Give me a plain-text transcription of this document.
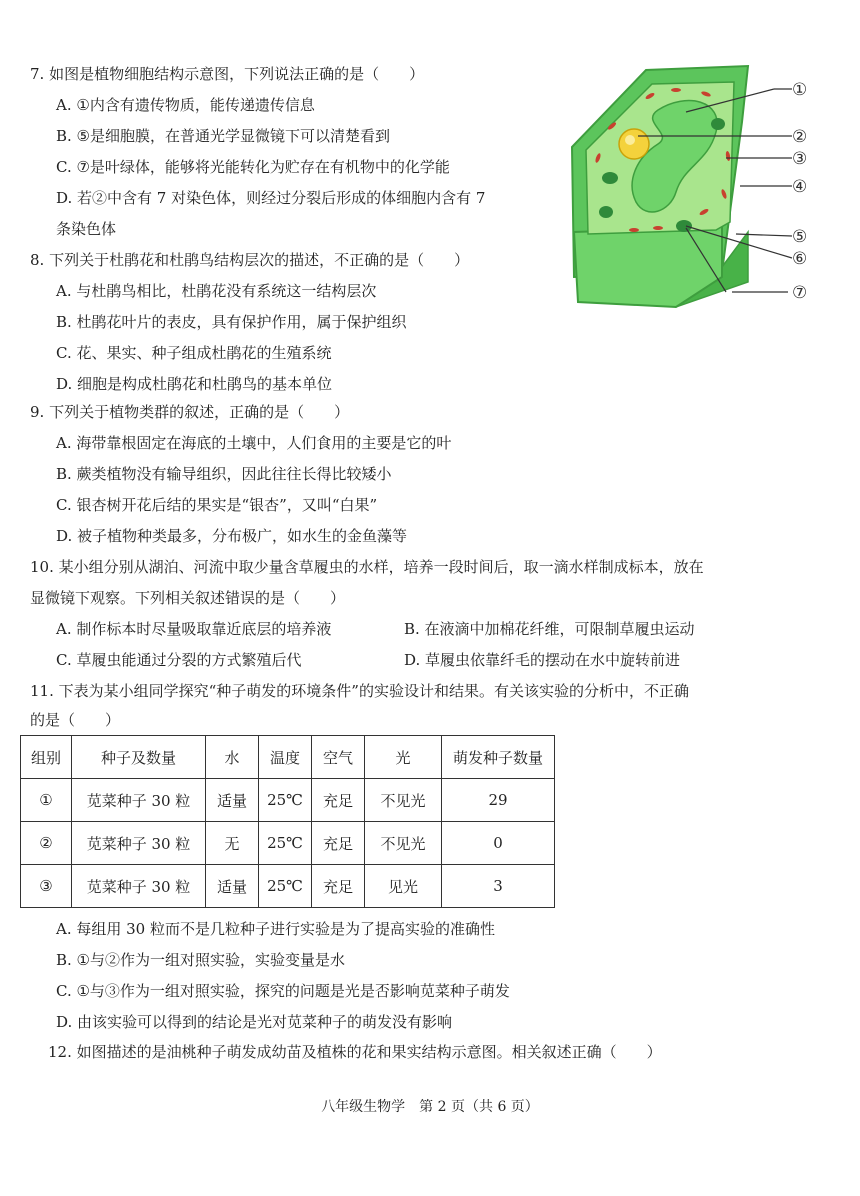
7. 如图是植物细胞结构示意图，下列说法正确的是（　　）
A. ①内含有遗传物质，能传递遗传信息
B. ⑤是细胞膜，在普通光学显微镜下可以清楚看到
C. ⑦是叶绿体，能够将光能转化为贮存在有机物中的化学能
D. 若②中含有 7 对染色体，则经过分裂后形成的体细胞内含有 7
条染色体
①
②
③
④
⑤
⑥
⑦
8. 下列关于杜鹃花和杜鹃鸟结构层次的描述，不正确的是（　　）
A. 与杜鹃鸟相比，杜鹃花没有系统这一结构层次
B. 杜鹃花叶片的表皮，具有保护作用，属于保护组织
C. 花、果实、种子组成杜鹃花的生殖系统
D. 细胞是构成杜鹃花和杜鹃鸟的基本单位
9. 下列关于植物类群的叙述，正确的是（　　）
A. 海带靠根固定在海底的土壤中，人们食用的主要是它的叶
B. 蕨类植物没有输导组织，因此往往长得比较矮小
C. 银杏树开花后结的果实是“银杏”，又叫“白果”
D. 被子植物种类最多，分布极广，如水生的金鱼藻等
10. 某小组分别从湖泊、河流中取少量含草履虫的水样，培养一段时间后，取一滴水样制成标本，放在
显微镜下观察。下列相关叙述错误的是（　　）
A. 制作标本时尽量吸取靠近底层的培养液	B. 在液滴中加棉花纤维，可限制草履虫运动
C. 草履虫能通过分裂的方式繁殖后代	D. 草履虫依靠纤毛的摆动在水中旋转前进
11. 下表为某小组同学探究“种子萌发的环境条件”的实验设计和结果。有关该实验的分析中，不正确
的是（　　）
组别	种子及数量	水	温度	空气	光	萌发种子数量
①	苋菜种子 30 粒	适量	25℃	充足	不见光	29
②	苋菜种子 30 粒	无	25℃	充足	不见光	0
③	苋菜种子 30 粒	适量	25℃	充足	见光	3
A. 每组用 30 粒而不是几粒种子进行实验是为了提高实验的准确性
B. ①与②作为一组对照实验，实验变量是水
C. ①与③作为一组对照实验，探究的问题是光是否影响苋菜种子萌发
D. 由该实验可以得到的结论是光对苋菜种子的萌发没有影响
12. 如图描述的是油桃种子萌发成幼苗及植株的花和果实结构示意图。相关叙述正确（　　）
八年级生物学　第 2 页（共 6 页）
